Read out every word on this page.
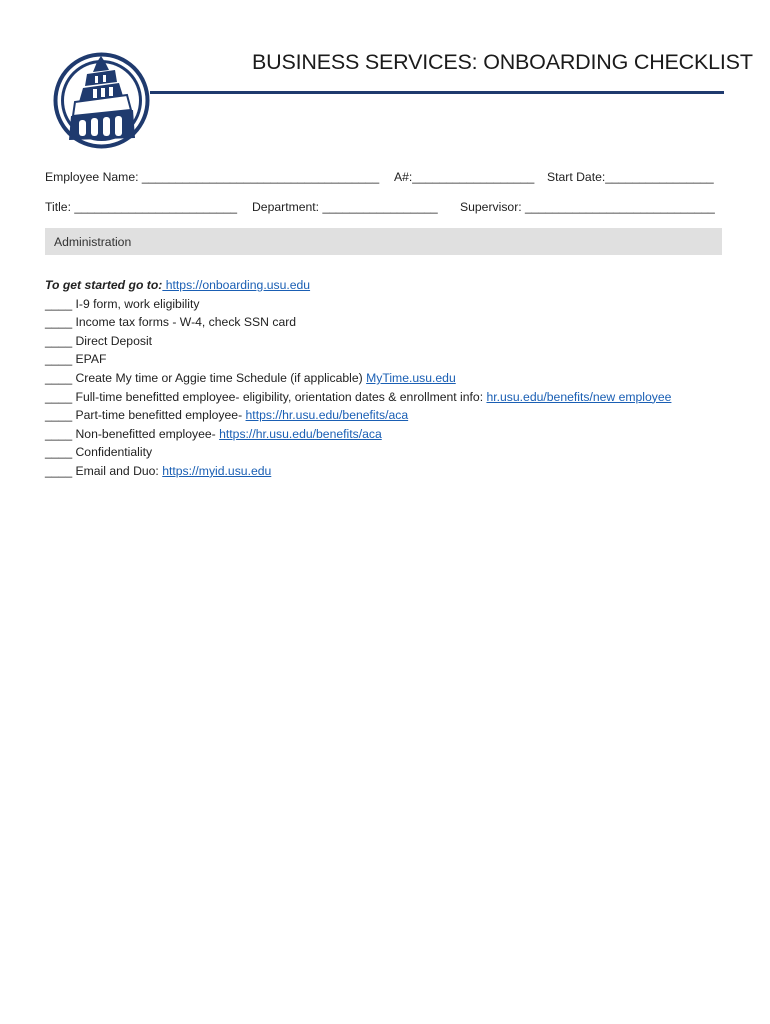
BUSINESS SERVICES: ONBOARDING CHECKLIST
Employee Name: ___________________________________ A#:__________________ Start Date:________________
Title: ________________________ Department: _________________ Supervisor: ____________________________
Administration
To get started go to: https://onboarding.usu.edu
____ I-9 form, work eligibility
____ Income tax forms - W-4, check SSN card
____ Direct Deposit
____ EPAF
____ Create My time or Aggie time Schedule (if applicable) MyTime.usu.edu
____ Full-time benefitted employee- eligibility, orientation dates & enrollment info: hr.usu.edu/benefits/new employee
____ Part-time benefitted employee- https://hr.usu.edu/benefits/aca
____ Non-benefitted employee- https://hr.usu.edu/benefits/aca
____ Confidentiality
____ Email and Duo: https://myid.usu.edu
